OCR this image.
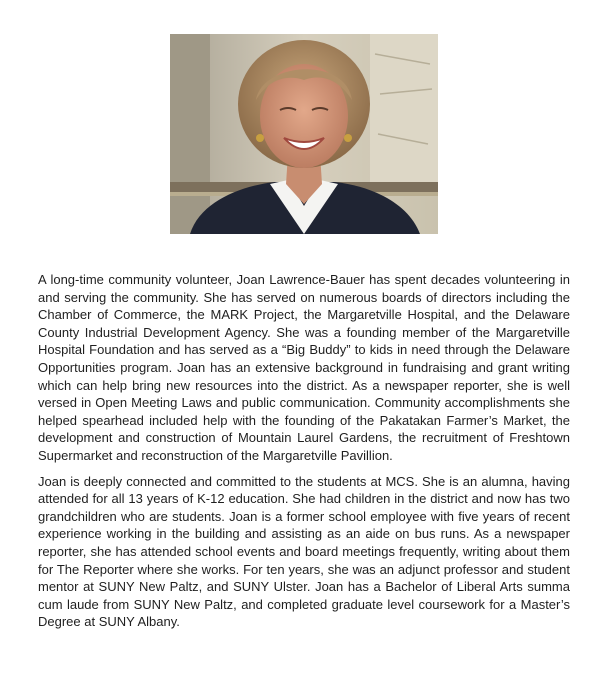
A long-time community volunteer, Joan Lawrence-Bauer has spent decades volunteering in and serving the community. She has served on numerous boards of directors including the Chamber of Commerce, the MARK Project, the Margaretville Hospital, and the Delaware County Industrial Development Agency. She was a founding member of the Margaretville Hospital Foundation and has served as a “Big Buddy” to kids in need through the Delaware Opportunities program. Joan has an extensive background in fundraising and grant writing which can help bring new resources into the district. As a newspaper reporter, she is well versed in Open Meeting Laws and public communication. Community accomplishments she helped spearhead included help with the founding of the Pakatakan Farmer’s Market, the development and construction of Mountain Laurel Gardens, the recruitment of Freshtown Supermarket and reconstruction of the Margaretville Pavillion.

Joan is deeply connected and committed to the students at MCS. She is an alumna, having attended for all 13 years of K-12 education. She had children in the district and now has two grandchildren who are students. Joan is a former school employee with five years of recent experience working in the building and assisting as an aide on bus runs. As a newspaper reporter, she has attended school events and board meetings frequently, writing about them for The Reporter where she works. For ten years, she was an adjunct professor and student mentor at SUNY New Paltz, and SUNY Ulster. Joan has a Bachelor of Liberal Arts summa cum laude from SUNY New Paltz, and completed graduate level coursework for a Master’s Degree at SUNY Albany.
